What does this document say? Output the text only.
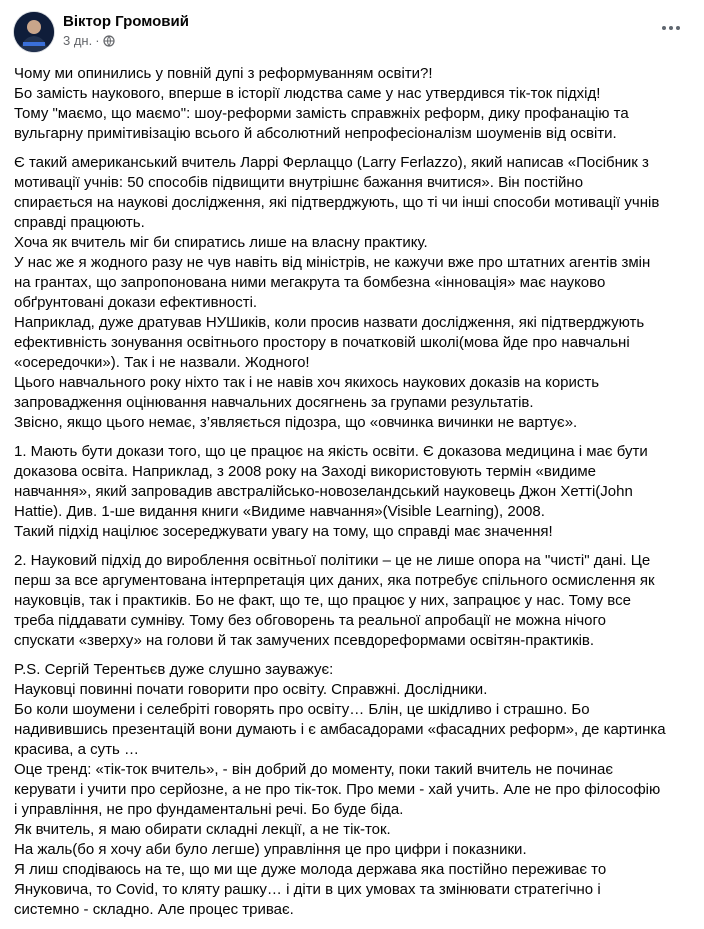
Віктор Громовий
3 дн. ·
Чому ми опинились у повній дупі з реформуванням освіти?!
Бо замість наукового, вперше в історії людства саме у нас утвердився тік-ток підхід!
Тому "маємо, що маємо": шоу-реформи замість справжніх реформ, дику профанацію та
вульгарну примітивізацію всього й абсолютний непрофесіоналізм шоуменів від освіти.
Є такий американський вчитель Ларрі Ферлаццо (Larry Ferlazzo), який написав «Посібник з
мотивації учнів: 50 способів підвищити внутрішнє бажання вчитися». Він постійно
спирається на наукові дослідження, які підтверджують, що ті чи інші способи мотивації учнів
справді працюють.
Хоча як вчитель міг би спиратись лише на власну практику.
У нас же я жодного разу не чув навіть від міністрів, не кажучи вже про штатних агентів змін
на грантах, що запропонована ними мегакрута та бомбезна «інновація» має науково
обґрунтовані докази ефективності.
Наприклад, дуже дратував НУШиків, коли просив назвати дослідження, які підтверджують
ефективність зонування освітнього простору в початковій школі(мова йде про навчальні
«осередочки»). Так і не назвали. Жодного!
Цього навчального року ніхто так і не навів хоч якихось наукових доказів на користь
запровадження оцінювання навчальних досягнень за групами результатів.
Звісно, якщо цього немає, з’являється підозра, що «овчинка вичинки не вартує».
1. Мають бути докази того, що це працює на якість освіти. Є доказова медицина і має бути
доказова освіта. Наприклад, з 2008 року на Заході використовують термін «видиме
навчання», який запровадив австралійсько-новозеландський науковець Джон Хетті(John
Hattie). Див. 1-ше видання книги «Видиме навчання»(Visible Learning), 2008.
Такий підхід націлює зосереджувати увагу на тому, що справді має значення!
2. Науковий підхід до вироблення освітньої політики – це не лише опора на "чисті" дані. Це
перш за все аргументована інтерпретація цих даних, яка потребує спільного осмислення як
науковців, так і практиків. Бо не факт, що те, що працює у них, запрацює у нас. Тому все
треба піддавати сумніву. Тому без обговорень та реальної апробації не можна нічого
спускати «зверху» на голови й так замучених псевдореформами освітян-практиків.
P.S. Сергій Терентьєв дуже слушно зауважує:
Науковці повинні почати говорити про освіту. Справжні. Дослідники.
Бо коли шоумени і селебріті говорять про освіту… Блін, це шкідливо і страшно. Бо
надивившись презентацій вони думають і є амбасадорами «фасадних реформ», де картинка
красива, а суть …
Оце тренд: «тік-ток вчитель», - він добрий до моменту, поки такий вчитель не починає
керувати і учити про серйозне, а не про тік-ток. Про меми - хай учить. Але не про філософію
і управління, не про фундаментальні речі. Бо буде біда.
Як вчитель, я маю обирати складні лекції, а не тік-ток.
На жаль(бо я хочу аби було легше) управління це про цифри і показники.
Я лиш сподіваюсь на те, що ми ще дуже молода держава яка постійно переживає то
Януковича, то Covid, то кляту рашку… і діти в цих умовах та змінювати стратегічно і
системно - складно. Але процес триває.
